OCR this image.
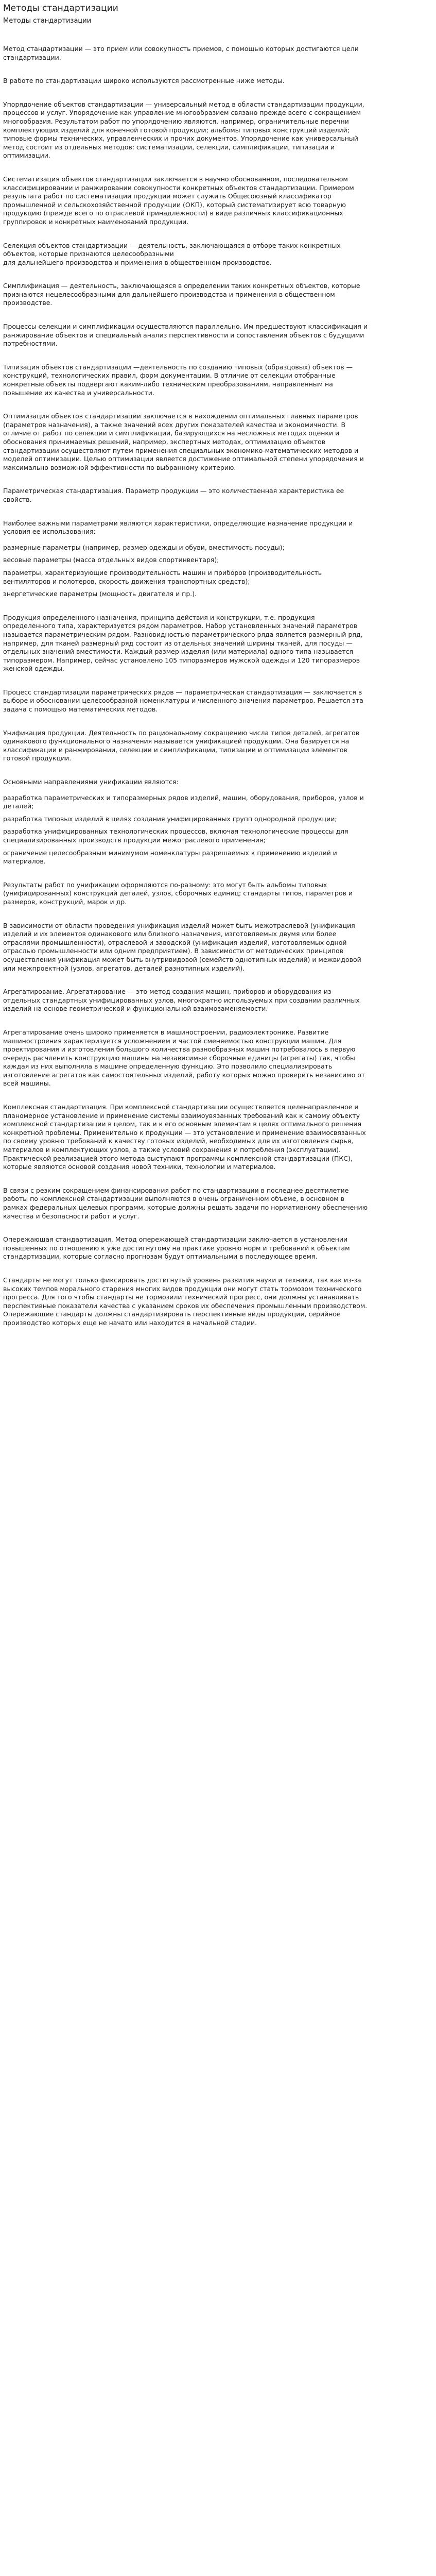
Методы стандартизации
Методы стандартизации

Метод стандартизации — это прием или совокупность приемов, с помощью которых достигаются цели стандартизации.

В работе по стандартизации широко используются рассмотренные ниже методы.

Упорядочение объектов стандартизации — универсальный метод в области стандартизации продукции, процессов и услуг. Упорядочение как управление многообразием связано прежде всего с сокращением многообразия. Результатом работ по упорядочению являются, например, ограничительные перечни комплектующих изделий для конечной готовой продукции; альбомы типовых конструкций изделий; типовые формы технических, управленческих и прочих документов. Упорядочение как универсальный метод состоит из отдельных методов: систематизации, селекции, симплификации, типизации и оптимизации.

Систематизация объектов стандартизации заключается в научно обоснованном, последовательном классифицировании и ранжировании совокупности конкретных объектов стандартизации. Примером результата работ по систематизации продукции может служить Общесоюзный классификатор промышленной и сельскохозяйственной продукции (ОКП), который систематизирует всю товарную продукцию (прежде всего по отраслевой принадлежности) в виде различных классификационных группировок и конкретных наименований продукции.

Селекция объектов стандартизации — деятельность, заключающаяся в отборе таких конкретных объектов, которые признаются целесообразными
для дальнейшего производства и применения в общественном производстве.

Симплификация — деятельность, заключающаяся в определении таких конкретных объектов, которые признаются нецелесообразными для дальнейшего производства и применения в общественном производстве.

Процессы селекции и симплификации осуществляются параллельно. Им предшествуют классификация и ранжирование объектов и специальный анализ перспективности и сопоставления объектов с будущими потребностями.

Типизация объектов стандартизации —деятельность по созданию типовых (образцовых) объектов — конструкций, технологических правил, форм документации. В отличие от селекции отобранные конкретные объекты подвергают каким-либо техническим преобразованиям, направленным на повышение их качества и универсальности.

Оптимизация объектов стандартизации заключается в нахождении оптимальных главных параметров (параметров назначения), а также значений всех других показателей качества и экономичности. В отличие от работ по селекции и симплификации, базирующихся на несложных методах оценки и обоснования принимаемых решений, например, экспертных методах, оптимизацию объектов стандартизации осуществляют путем применения специальных экономико-математических методов и моделей оптимизации. Целью оптимизации является достижение оптимальной степени упорядочения и максимально возможной эффективности по выбранному критерию.

Параметрическая стандартизация. Параметр продукции — это количественная характеристика ее свойств.

Наиболее важными параметрами являются характеристики, определяющие назначение продукции и условия ее использования:

размерные параметры (например, размер одежды и обуви, вместимость посуды);

весовые параметры (масса отдельных видов спортинвентаря);

параметры, характеризующие производительность машин и приборов (производительность вентиляторов и полотеров, скорость движения транспортных средств);

энергетические параметры (мощность двигателя и пр.).

Продукция определенного назначения, принципа действия и конструкции, т.е. продукция определенного типа, характеризуется рядом параметров. Набор установленных значений параметров называется параметрическим рядом. Разновидностью параметрического ряда является размерный ряд, например, для тканей размерный ряд состоит из отдельных значений ширины тканей, для посуды — отдельных значений вместимости. Каждый размер изделия (или материала) одного типа называется типоразмером. Например, сейчас установлено 105 типоразмеров мужской одежды и 120 типоразмеров женской одежды.

Процесс стандартизации параметрических рядов — параметрическая стандартизация — заключается в выборе и обосновании целесообразной номенклатуры и численного значения параметров. Решается эта задача с помощью математических методов.

Унификация продукции. Деятельность по рациональному сокращению числа типов деталей, агрегатов одинакового функционального назначения называется унификацией продукции. Она базируется на классификации и ранжировании, селекции и симплификации, типизации и оптимизации элементов готовой продукции.

Основными направлениями унификации являются:

разработка параметрических и типоразмерных рядов изделий, машин, оборудования, приборов, узлов и деталей;

разработка типовых изделий в целях создания унифицированных групп однородной продукции;

разработка унифицированных технологических процессов, включая технологические процессы для специализированных производств продукции межотраслевого применения;

ограничение целесообразным минимумом номенклатуры разрешаемых к применению изделий и материалов.

Результаты работ по унификации оформляются по-разному: это могут быть альбомы типовых (унифицированных) конструкций деталей, узлов, сборочных единиц; стандарты типов, параметров и размеров, конструкций, марок и др.

В зависимости от области проведения унификация изделий может быть межотраслевой (унификация изделий и их элементов одинакового или близкого назначения, изготовляемых двумя или более отраслями промышленности), отраслевой и заводской (унификация изделий, изготовляемых одной отраслью промышленности или одним предприятием). В зависимости от методических принципов осуществления унификация может быть внутривидовой (семейств однотипных изделий) и межвидовой или межпроектной (узлов, агрегатов, деталей разнотипных изделий).

Агрегатирование. Агрегатирование — это метод создания машин, приборов и оборудования из отдельных стандартных унифицированных узлов, многократно используемых при создании различных изделий на основе геометрической и функциональной взаимозаменяемости.

Агрегатирование очень широко применяется в машиностроении, радиоэлектронике. Развитие машиностроения характеризуется усложнением и частой сменяемостью конструкции машин. Для проектирования и изготовления большого количества разнообразных машин потребовалось в первую очередь расчленить конструкцию машины на независимые сборочные единицы (агрегаты) так, чтобы каждая из них выполняла в машине определенную функцию. Это позволило специализировать изготовление агрегатов как самостоятельных изделий, работу которых можно проверить независимо от всей машины.

Комплексная стандартизация. При комплексной стандартизации осуществляется целенаправленное и планомерное установление и применение системы взаимоувязанных требований как к самому объекту комплексной стандартизации в целом, так и к его основным элементам в целях оптимального решения конкретной проблемы. Применительно к продукции — это установление и применение взаимосвязанных по своему уровню требований к качеству готовых изделий, необходимых для их изготовления сырья, материалов и комплектующих узлов, а также условий сохранения и потребления (эксплуатации). Практической реализацией этого метода выступают программы комплексной стандартизации (ПКС), которые являются основой создания новой техники, технологии и материалов.

В связи с резким сокращением финансирования работ по стандартизации в последнее десятилетие работы по комплексной стандартизации выполняются в очень ограниченном объеме, в основном в рамках федеральных целевых программ, которые должны решать задачи по нормативному обеспечению качества и безопасности работ и услуг.

Опережающая стандартизация. Метод опережающей стандартизации заключается в установлении повышенных по отношению к уже достигнутому на практике уровню норм и требований к объектам стандартизации, которые согласно прогнозам будут оптимальными в последующее время.

Стандарты не могут только фиксировать достигнутый уровень развития науки и техники, так как из-за высоких темпов морального старения многих видов продукции они могут стать тормозом технического прогресса. Для того чтобы стандарты не тормозили технический прогресс, они должны устанавливать перспективные показатели качества с указанием сроков их обеспечения промышленным производством. Опережающие стандарты должны стандартизировать перспективные виды продукции, серийное производство которых еще не начато или находится в начальной стадии.
